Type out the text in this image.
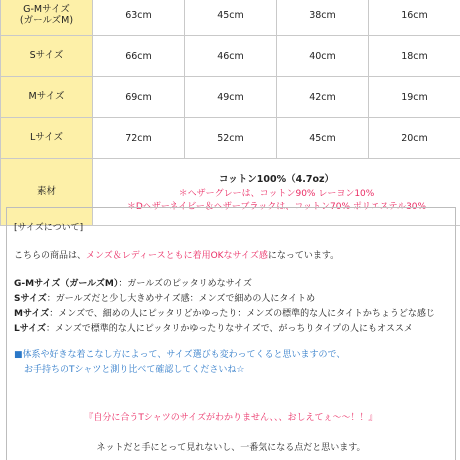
G-Mサイズ
(ガールズM)	63cm	45cm	38cm	16cm
Sサイズ	66cm	46cm	40cm	18cm
Mサイズ	69cm	49cm	42cm	19cm
Lサイズ	72cm	52cm	45cm	20cm
素材	コットン100%（4.7oz）
＊ヘザーグレーは、コットン90% レーヨン10%
＊Dヘザーネイビー＆ヘザーブラックは、コットン70% ポリエステル30%			
[サイズについて]
こちらの商品は、メンズ＆レディースともに着用OKなサイズ感になっています。
G-Mサイズ（ガールズM）：ガールズのピッタリめなサイズ
Sサイズ：ガールズだと少し大きめサイズ感：メンズで細めの人にタイトめ
Mサイズ：メンズで、細めの人にピッタリどかゆったり：メンズの標準的な人にタイトかちょうどな感じ
Lサイズ：メンズで標準的な人にピッタリかゆったりなサイズで、がっちりタイプの人にもオススメ
■体系や好きな着こなし方によって、サイズ選びも変わってくると思いますので、
お手持ちのTシャツと測り比べて確認してくださいね☆
『自分に合うTシャツのサイズがわかりません、、、おしえてぇ〜〜！！』
ネットだと手にとって見れないし、一番気になる点だと思います。
